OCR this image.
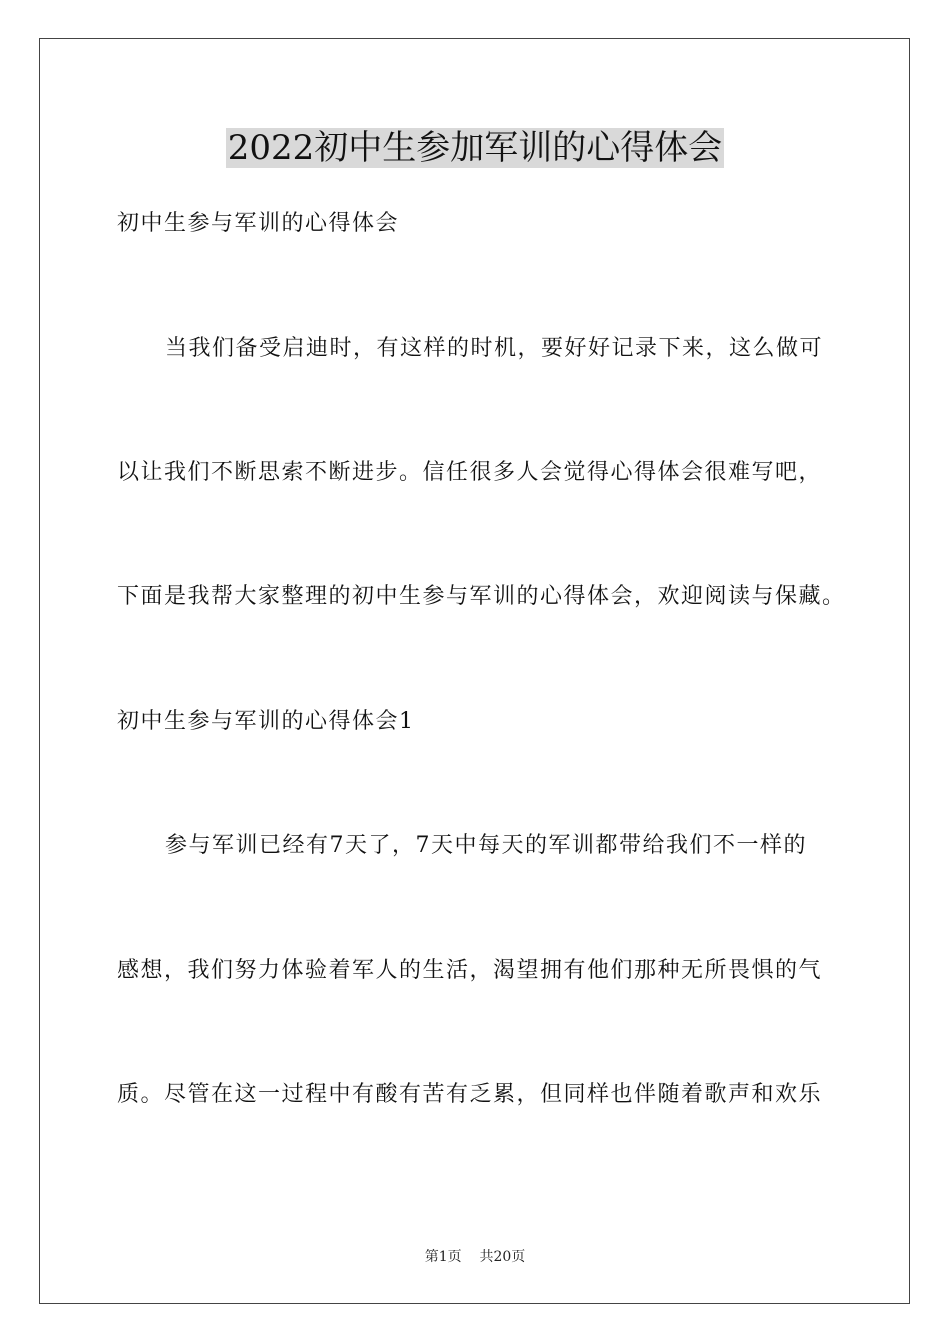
2022初中生参加军训的心得体会
初中生参与军训的心得体会
当我们备受启迪时，有这样的时机，要好好记录下来，这么做可
以让我们不断思索不断进步。信任很多人会觉得心得体会很难写吧，
下面是我帮大家整理的初中生参与军训的心得体会，欢迎阅读与保藏。
初中生参与军训的心得体会1
参与军训已经有7天了，7天中每天的军训都带给我们不一样的
感想，我们努力体验着军人的生活，渴望拥有他们那种无所畏惧的气
质。尽管在这一过程中有酸有苦有乏累，但同样也伴随着歌声和欢乐
第1页    共20页
